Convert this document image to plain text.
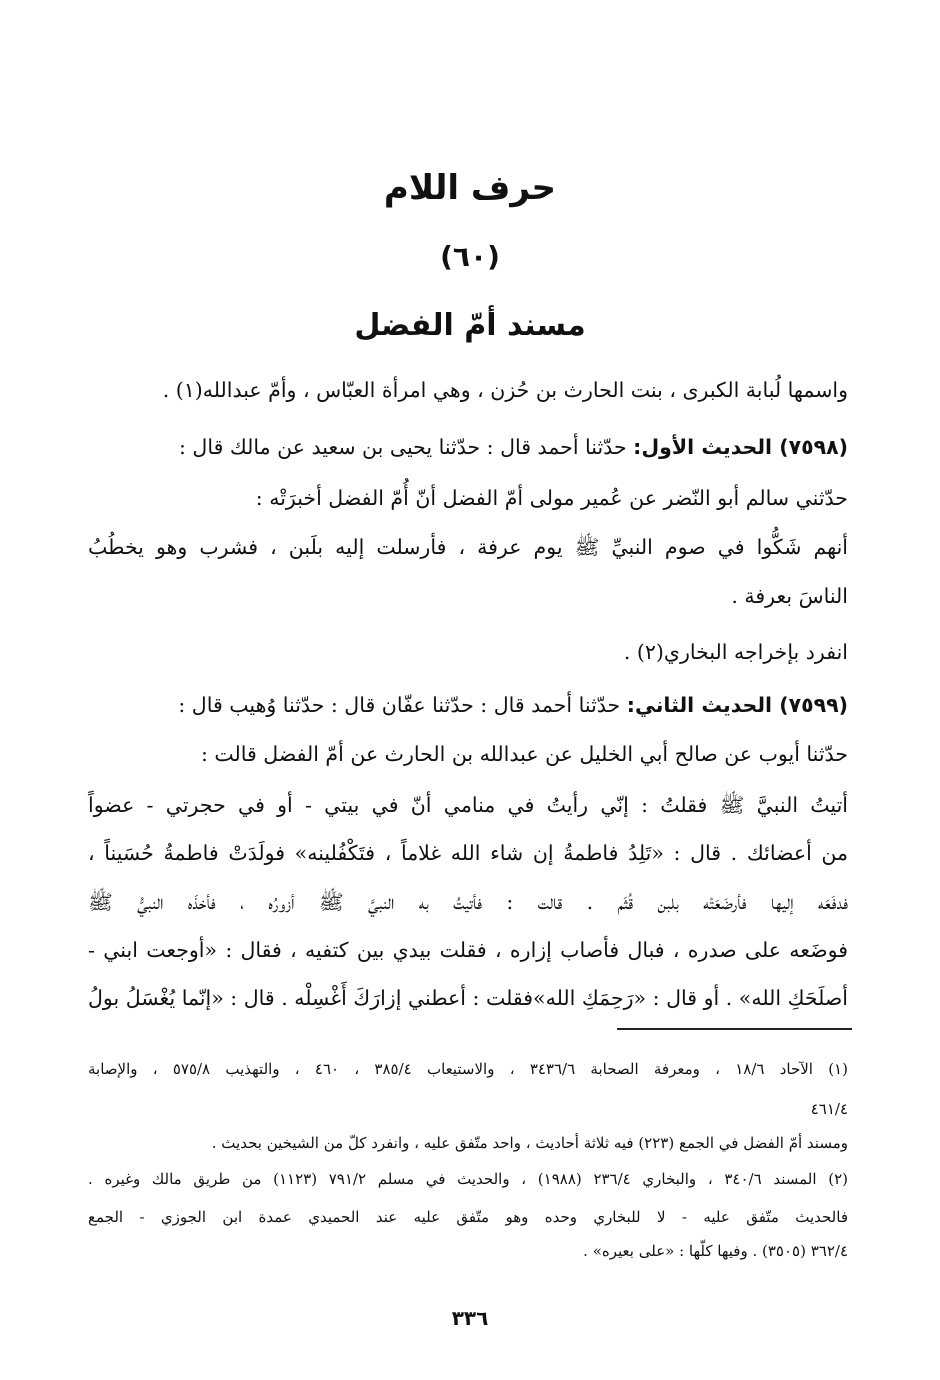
حرف اللام
(٦٠)
مسند أمّ الفضل
واسمها لُبابة الكبرى ، بنت الحارث بن حُزن ، وهي امرأة العبّاس ، وأمّ عبدالله(١) .
(٧٥٩٨) الحديث الأول: حدّثنا أحمد قال : حدّثنا يحيى بن سعيد عن مالك قال :
حدّثني سالم أبو النّضر عن عُمير مولى أمّ الفضل أنّ أُمّ الفضل أخبرَتْه :
أنهم شَكُّوا في صوم النبيِّ ﷺ يوم عرفة ، فأرسلت إليه بلَبن ، فشرب وهو يخطُبُ
الناسَ بعرفة .
انفرد بإخراجه البخاري(٢) .
(٧٥٩٩) الحديث الثاني: حدّثنا أحمد قال : حدّثنا عفّان قال : حدّثنا وُهيب قال :
حدّثنا أيوب عن صالح أبي الخليل عن عبدالله بن الحارث عن أمّ الفضل قالت :
أتيتُ النبيَّ ﷺ فقلتُ : إنّي رأيتُ في منامي أنّ في بيتي - أو في حجرتي - عضواً
من أعضائك . قال : «تَلِدُ فاطمةُ إن شاء الله غلاماً ، فتَكْفُلينه» فولَدَتْ فاطمةُ حُسَيناً ،
فدفَعَه إليها فأرضَعَتْه بلبن قُثَم . قالت : فأتيتُ به النبيَّ ﷺ أزورُه ، فأخذَه النبيُّ ﷺ
فوضَعه على صدره ، فبال فأصاب إزاره ، فقلت بيدي بين كتفيه ، فقال : «أوجعت ابني -
أصلَحَكِ الله» . أو قال : «رَحِمَكِ الله»فقلت : أعطني إزارَكَ أَغْسِلْه . قال : «إنّما يُغْسَلُ بولُ
(١) الآحاد ١٨/٦ ، ومعرفة الصحابة ٣٤٣٦/٦ ، والاستيعاب ٣٨٥/٤ ، ٤٦٠ ، والتهذيب ٥٧٥/٨ ، والإصابة
٤٦١/٤
ومسند أمّ الفضل في الجمع (٢٢٣) فيه ثلاثة أحاديث ، واحد متّفق عليه ، وانفرد كلّ من الشيخين بحديث .
(٢) المسند ٣٤٠/٦ ، والبخاري ٢٣٦/٤ (١٩٨٨) ، والحديث في مسلم ٧٩١/٢ (١١٢٣) من طريق مالك وغيره .
فالحديث متّفق عليه - لا للبخاري وحده وهو متّفق عليه عند الحميدي عمدة ابن الجوزي - الجمع
٣٦٢/٤ (٣٥٠٥) . وفيها كلّها : «على بعيره» .
٣٣٦
